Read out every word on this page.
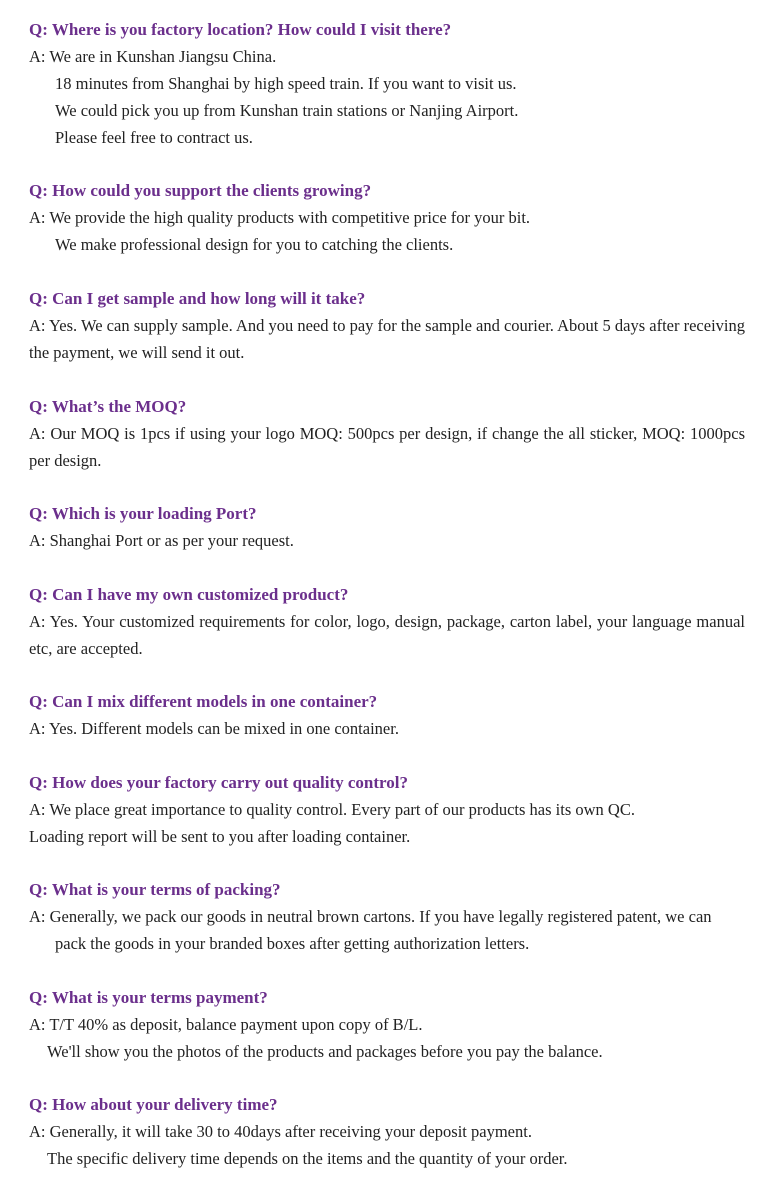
Q: Where is you factory location? How could I visit there?
A: We are in Kunshan Jiangsu China.
18 minutes from Shanghai by high speed train. If you want to visit us.
We could pick you up from Kunshan train stations or Nanjing Airport.
Please feel free to contract us.
Q: How could you support the clients growing?
A: We provide the high quality products with competitive price for your bit.
We make professional design for you to catching the clients.
Q: Can I get sample and how long will it take?
A: Yes. We can supply sample. And you need to pay for the sample and courier. About 5 days after receiving the payment, we will send it out.
Q: What’s the MOQ?
A: Our MOQ is 1pcs if using your logo MOQ: 500pcs per design, if change the all sticker, MOQ: 1000pcs per design.
Q: Which is your loading Port?
A: Shanghai Port or as per your request.
Q: Can I have my own customized product?
A: Yes. Your customized requirements for color, logo, design, package, carton label, your language manual etc, are accepted.
Q: Can I mix different models in one container?
A: Yes. Different models can be mixed in one container.
Q: How does your factory carry out quality control?
A: We place great importance to quality control. Every part of our products has its own QC.
Loading report will be sent to you after loading container.
Q: What is your terms of packing?
A: Generally, we pack our goods in neutral brown cartons. If you have legally registered patent, we can
pack the goods in your branded boxes after getting authorization letters.
Q: What is your terms payment?
A: T/T 40% as deposit, balance payment upon copy of B/L.
We'll show you the photos of the products and packages before you pay the balance.
Q: How about your delivery time?
A: Generally, it will take 30 to 40days after receiving your deposit payment.
The specific delivery time depends on the items and the quantity of your order.
